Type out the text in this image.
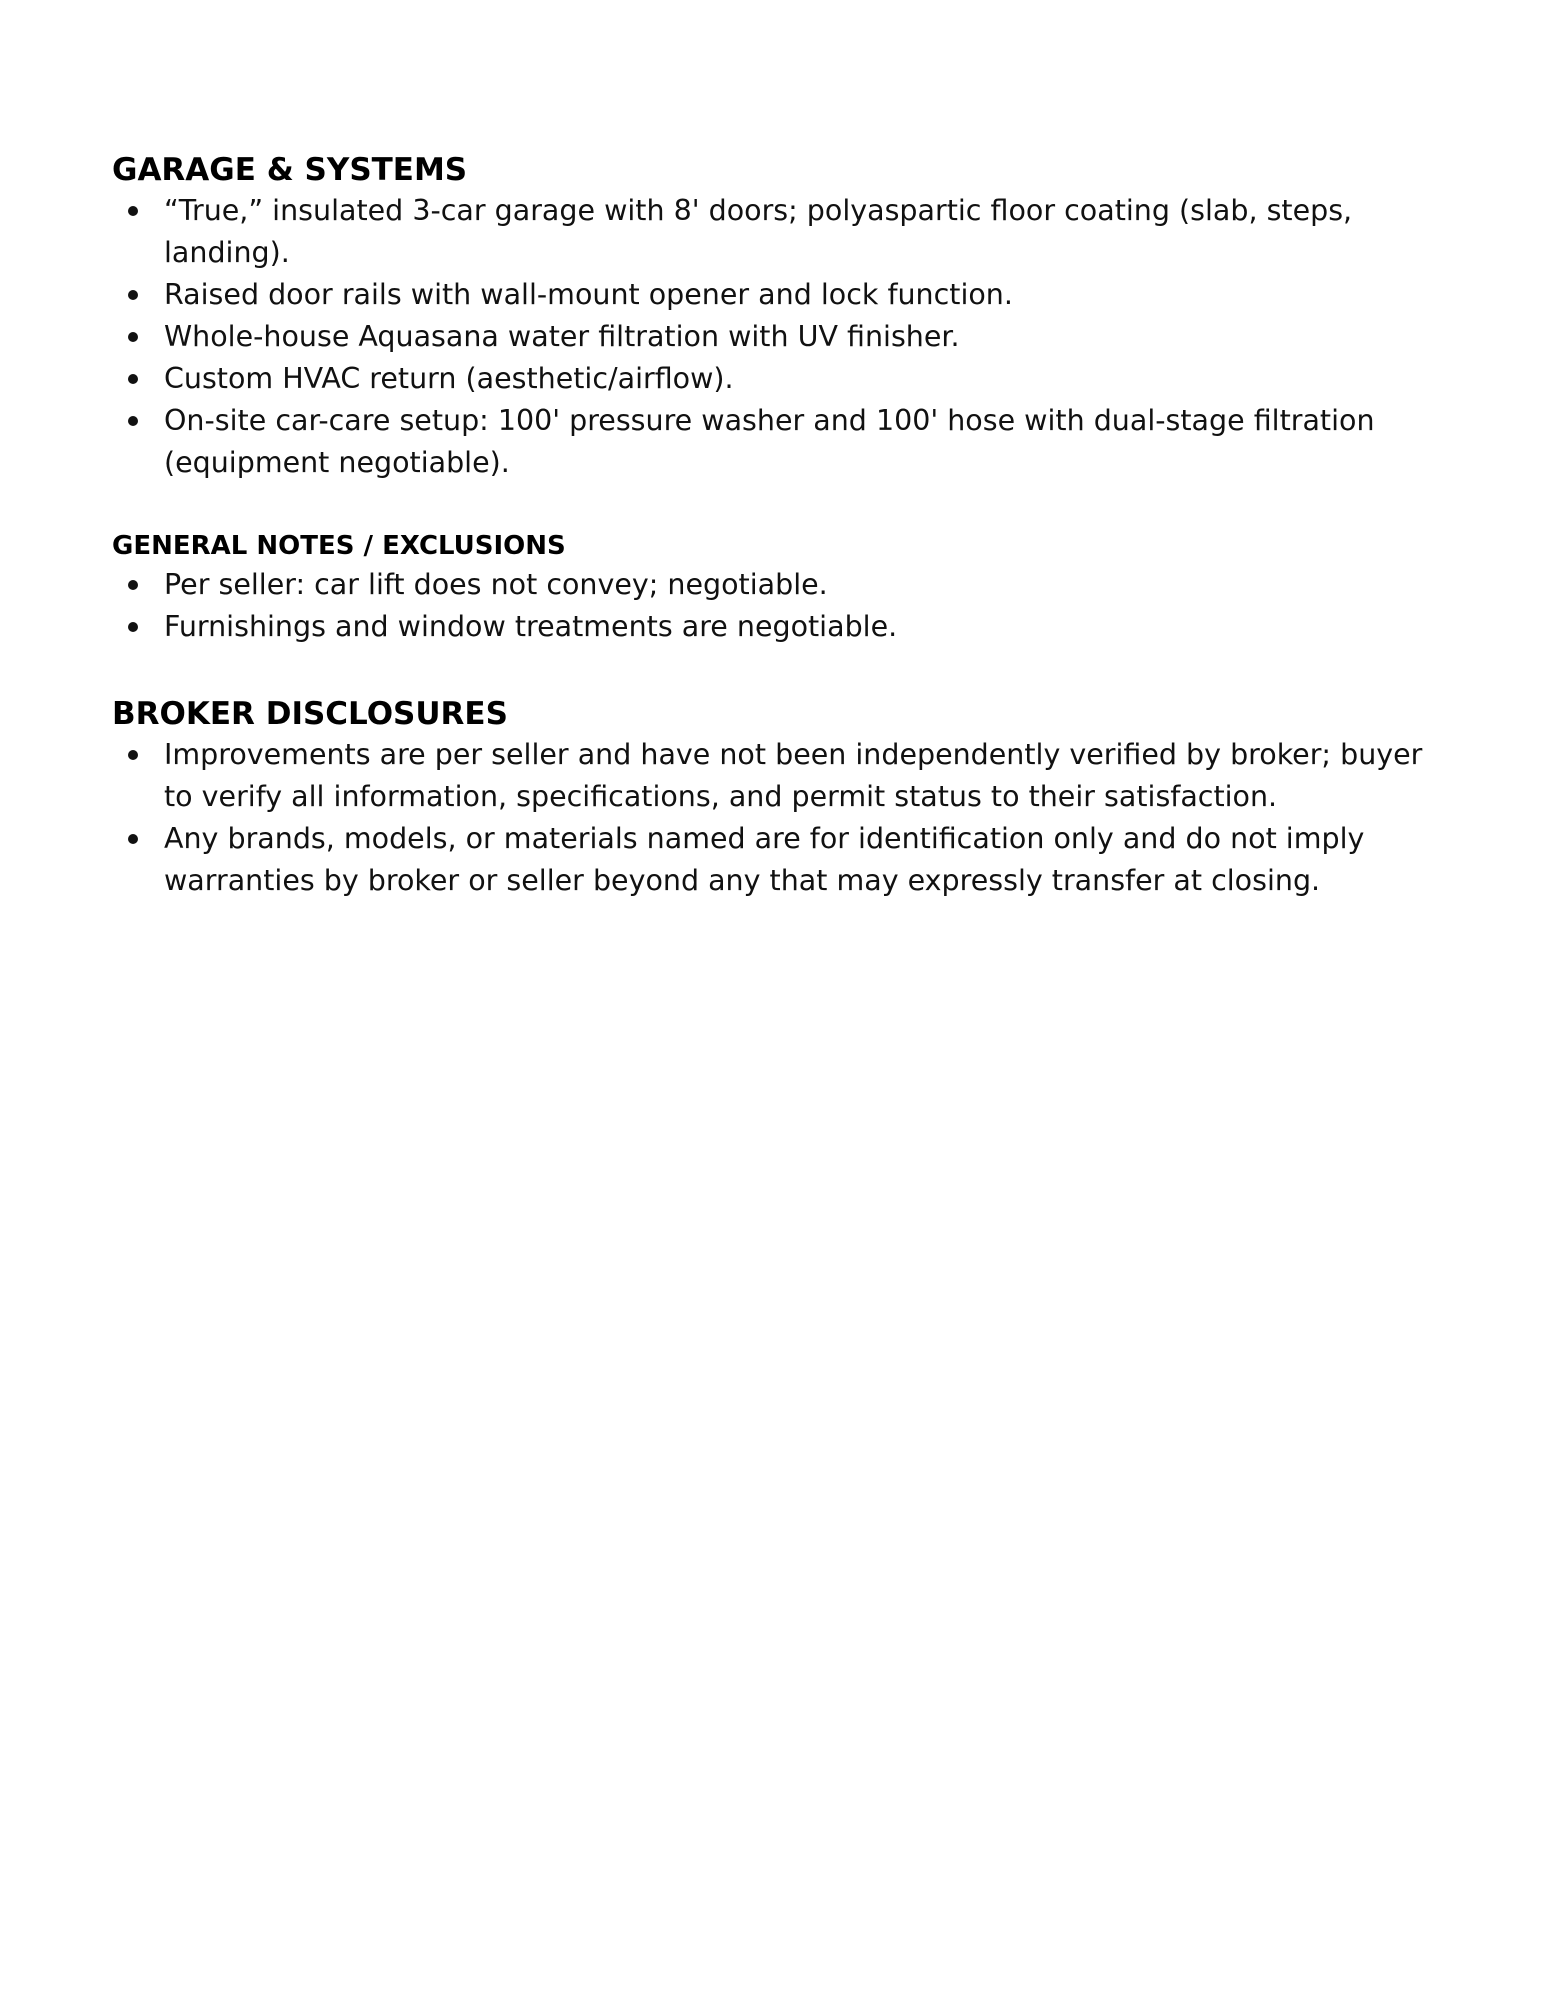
GARAGE & SYSTEMS
“True,” insulated 3-car garage with 8' doors; polyaspartic floor coating (slab, steps, landing).
Raised door rails with wall-mount opener and lock function.
Whole-house Aquasana water filtration with UV finisher.
Custom HVAC return (aesthetic/airflow).
On-site car-care setup: 100' pressure washer and 100' hose with dual-stage filtration (equipment negotiable).
GENERAL NOTES / EXCLUSIONS
Per seller: car lift does not convey; negotiable.
Furnishings and window treatments are negotiable.
BROKER DISCLOSURES
Improvements are per seller and have not been independently verified by broker; buyer to verify all information, specifications, and permit status to their satisfaction.
Any brands, models, or materials named are for identification only and do not imply warranties by broker or seller beyond any that may expressly transfer at closing.
